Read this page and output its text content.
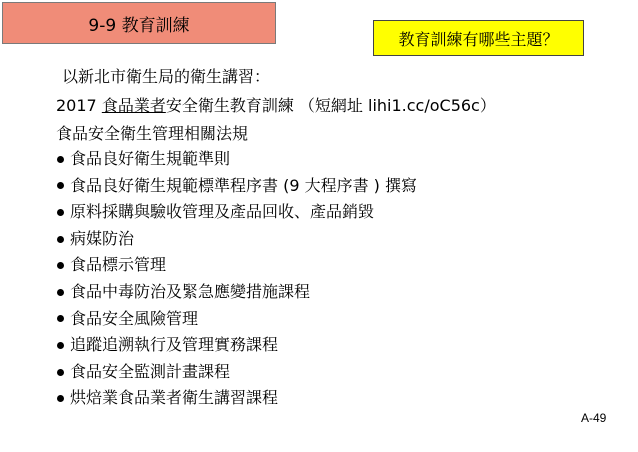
9-9 教育訓練
教育訓練有哪些主題？
以新北市衛生局的衛生講習：
2017 食品業者安全衛生教育訓練 （短網址 lihi1.cc/oC56c）
食品安全衛生管理相關法規
食品良好衛生規範準則
食品良好衛生規範標準程序書 (9 大程序書 ) 撰寫
原料採購與驗收管理及產品回收、產品銷毀
病媒防治
食品標示管理
食品中毒防治及緊急應變措施課程
食品安全風險管理
追蹤追溯執行及管理實務課程
食品安全監測計畫課程
烘焙業食品業者衛生講習課程
A-49
